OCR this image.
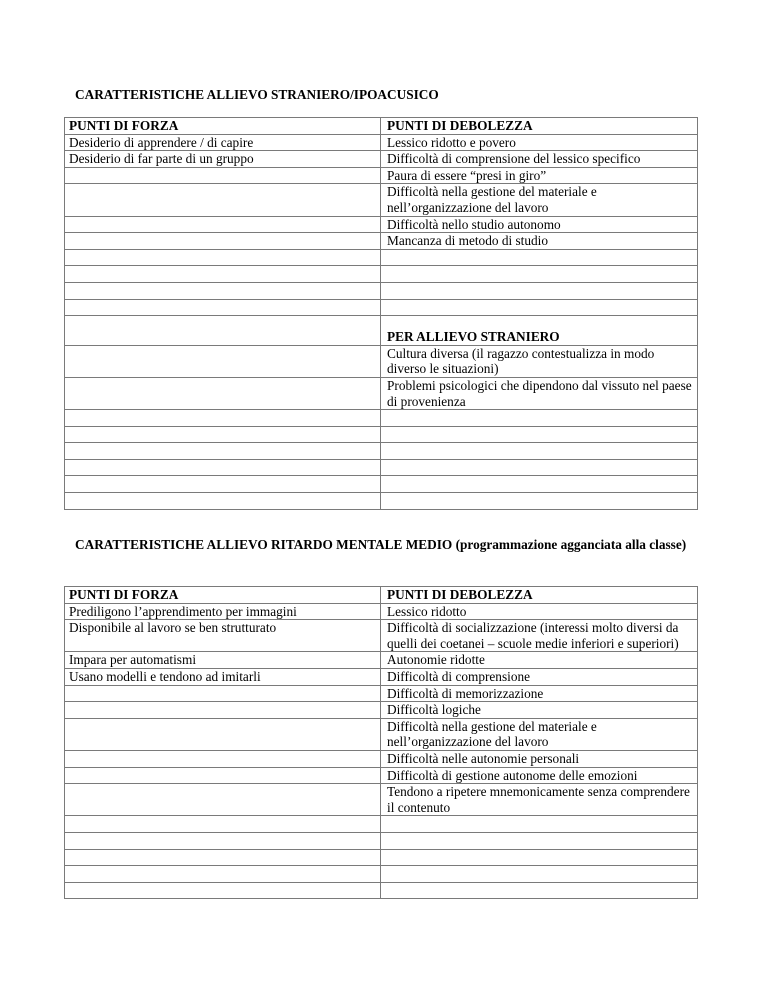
CARATTERISTICHE ALLIEVO STRANIERO/IPOACUSICO
PUNTI DI FORZA	PUNTI DI DEBOLEZZA
Desiderio di apprendere / di capire	Lessico ridotto e povero
Desiderio di far parte di un gruppo	Difficoltà di comprensione del lessico specifico
	Paura di essere “presi in giro”
	Difficoltà nella gestione del materiale e nell’organizzazione del lavoro
	Difficoltà nello studio autonomo
	Mancanza di metodo di studio

	PER ALLIEVO STRANIERO
	Cultura diversa (il ragazzo contestualizza in modo diverso le situazioni)
	Problemi psicologici che dipendono dal vissuto nel paese di provenienza

CARATTERISTICHE ALLIEVO RITARDO MENTALE MEDIO (programmazione agganciata alla classe)
PUNTI DI FORZA	PUNTI DI DEBOLEZZA
Prediligono l’apprendimento per immagini	Lessico ridotto
Disponibile al lavoro se ben strutturato	Difficoltà di socializzazione (interessi molto diversi da quelli dei coetanei – scuole medie inferiori e superiori)
Impara per automatismi	Autonomie ridotte
Usano modelli e tendono ad imitarli	Difficoltà di comprensione
	Difficoltà di memorizzazione
	Difficoltà logiche
	Difficoltà nella gestione del materiale e nell’organizzazione del lavoro
	Difficoltà nelle autonomie personali
	Difficoltà di gestione autonome delle emozioni
	Tendono a ripetere mnemonicamente senza comprendere il contenuto
